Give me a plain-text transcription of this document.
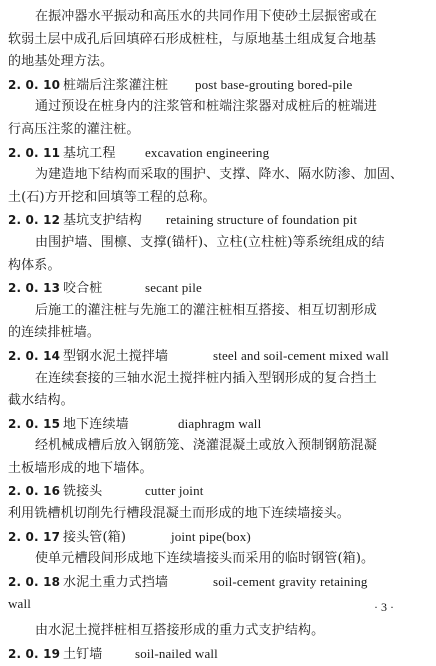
在振冲器水平振动和高压水的共同作用下使砂土层振密或在
软弱土层中成孔后回填碎石形成桩柱，与原地基土组成复合地基
的地基处理方法。
2. 0. 10 桩端后注浆灌注桩 post base-grouting bored-pile
通过预设在桩身内的注浆管和桩端注浆器对成桩后的桩端进
行高压注浆的灌注桩。
2. 0. 11 基坑工程 excavation engineering
为建造地下结构而采取的围护、支撑、降水、隔水防渗、加固、
土(石)方开挖和回填等工程的总称。
2. 0. 12 基坑支护结构 retaining structure of foundation pit
由围护墙、围檩、支撑(锚杆)、立柱(立柱桩)等系统组成的结
构体系。
2. 0. 13 咬合桩	secant pile
后施工的灌注桩与先施工的灌注桩相互搭接、相互切割形成
的连续排桩墙。
2. 0. 14 型钢水泥土搅拌墙	steel and soil-cement mixed wall
在连续套接的三轴水泥土搅拌桩内插入型钢形成的复合挡土
截水结构。
2. 0. 15 地下连续墙	diaphragm wall
经机械成槽后放入钢筋笼、浇灌混凝土或放入预制钢筋混凝
土板墙形成的地下墙体。
2. 0. 16 铣接头	cutter joint
利用铣槽机切削先行槽段混凝土而形成的地下连续墙接头。
2. 0. 17 接头管(箱)	joint pipe(box)
使单元槽段间形成地下连续墙接头而采用的临时钢管(箱)。
2. 0. 18 水泥土重力式挡墙	soil-cement gravity retaining
wall
由水泥土搅拌桩相互搭接形成的重力式支护结构。
2. 0. 19 土钉墙	soil-nailed wall
· 3 ·
